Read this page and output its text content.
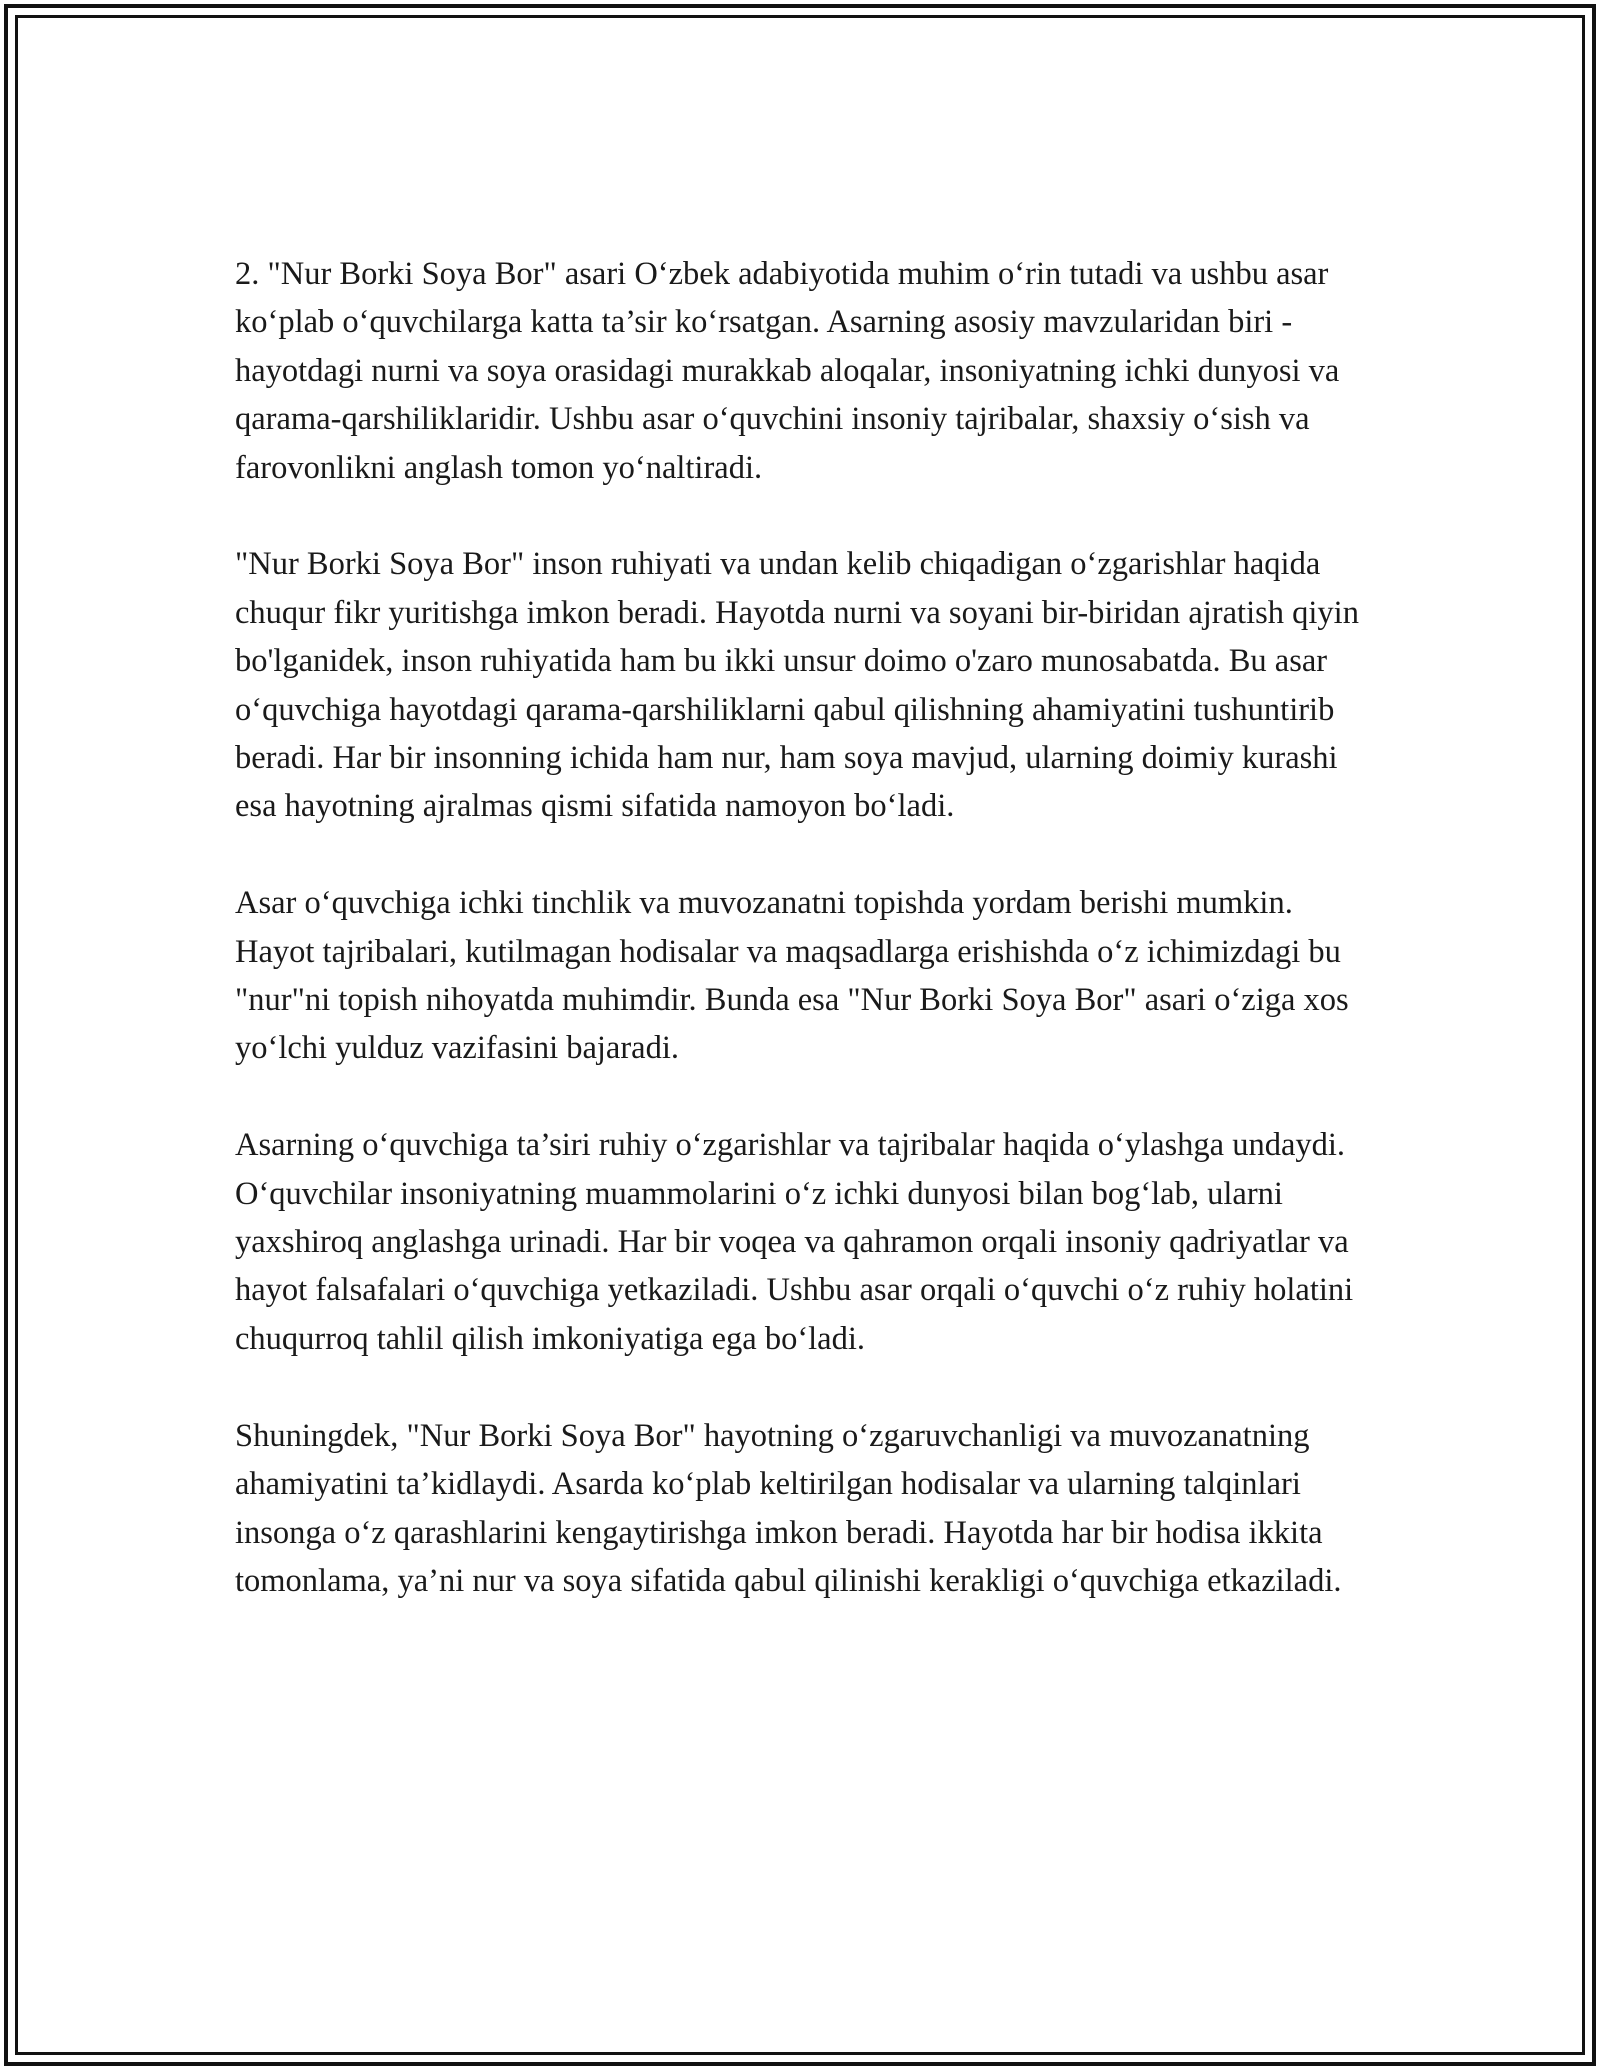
2. "Nur Borki Soya Bor" asari O‘zbek adabiyotida muhim o‘rin tutadi va ushbu asar ko‘plab o‘quvchilarga katta ta’sir ko‘rsatgan. Asarning asosiy mavzularidan biri - hayotdagi nurni va soya orasidagi murakkab aloqalar, insoniyatning ichki dunyosi va qarama-qarshiliklaridir. Ushbu asar o‘quvchini insoniy tajribalar, shaxsiy o‘sish va farovonlikni anglash tomon yo‘naltiradi.

"Nur Borki Soya Bor" inson ruhiyati va undan kelib chiqadigan o‘zgarishlar haqida chuqur fikr yuritishga imkon beradi. Hayotda nurni va soyani bir-biridan ajratish qiyin bo'lganidek, inson ruhiyatida ham bu ikki unsur doimo o'zaro munosabatda. Bu asar o‘quvchiga hayotdagi qarama-qarshiliklarni qabul qilishning ahamiyatini tushuntirib beradi. Har bir insonning ichida ham nur, ham soya mavjud, ularning doimiy kurashi esa hayotning ajralmas qismi sifatida namoyon bo‘ladi.

Asar o‘quvchiga ichki tinchlik va muvozanatni topishda yordam berishi mumkin. Hayot tajribalari, kutilmagan hodisalar va maqsadlarga erishishda o‘z ichimizdagi bu "nur"ni topish nihoyatda muhimdir. Bunda esa "Nur Borki Soya Bor" asari o‘ziga xos yo‘lchi yulduz vazifasini bajaradi.

Asarning o‘quvchiga ta’siri ruhiy o‘zgarishlar va tajribalar haqida o‘ylashga undaydi. O‘quvchilar insoniyatning muammolarini o‘z ichki dunyosi bilan bog‘lab, ularni yaxshiroq anglashga urinadi. Har bir voqea va qahramon orqali insoniy qadriyatlar va hayot falsafalari o‘quvchiga yetkaziladi. Ushbu asar orqali o‘quvchi o‘z ruhiy holatini chuqurroq tahlil qilish imkoniyatiga ega bo‘ladi.

Shuningdek, "Nur Borki Soya Bor" hayotning o‘zgaruvchanligi va muvozanatning ahamiyatini ta’kidlaydi. Asarda ko‘plab keltirilgan hodisalar va ularning talqinlari insonga o‘z qarashlarini kengaytirishga imkon beradi. Hayotda har bir hodisa ikkita tomonlama, ya’ni nur va soya sifatida qabul qilinishi kerakligi o‘quvchiga etkaziladi.
